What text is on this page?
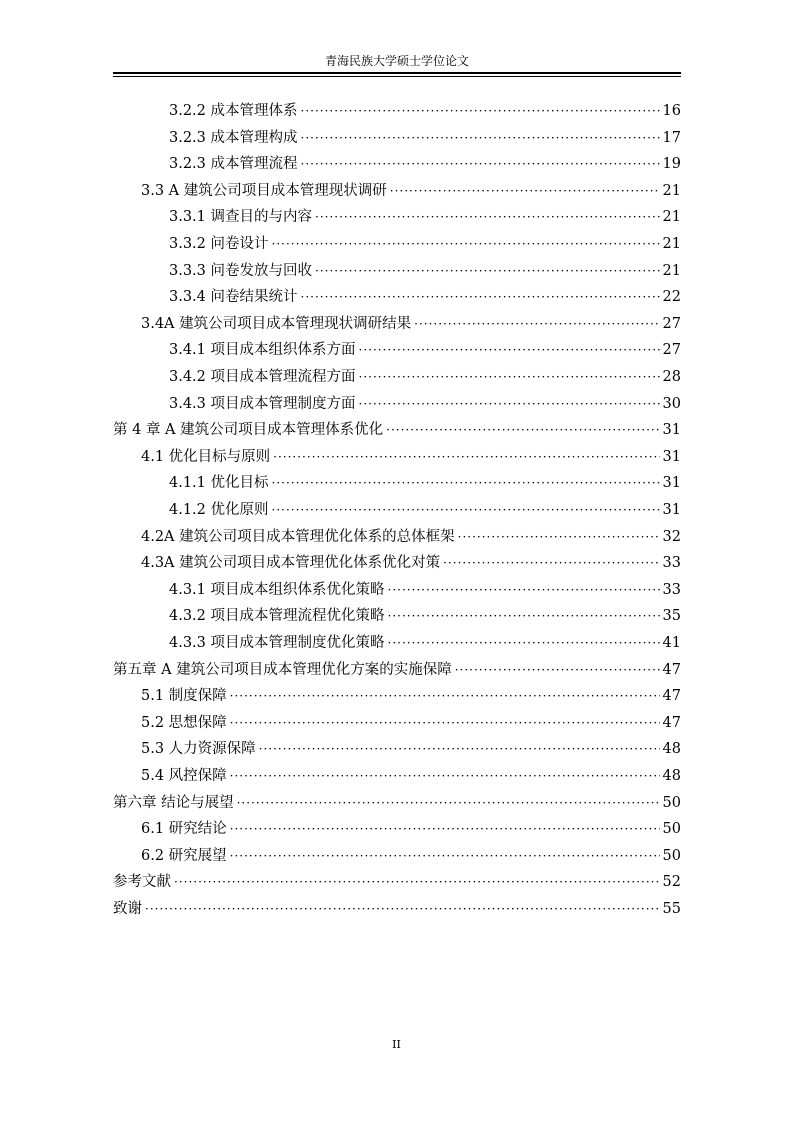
青海民族大学硕士学位论文
3.2.2 成本管理体系 ·····	16
3.2.3 成本管理构成 ·····	17
3.2.3 成本管理流程 ·····	19
3.3 A 建筑公司项目成本管理现状调研 ·····	21
3.3.1 调查目的与内容 ·····	21
3.3.2 问卷设计 ·····	21
3.3.3 问卷发放与回收 ·····	21
3.3.4 问卷结果统计 ·····	22
3.4A 建筑公司项目成本管理现状调研结果 ·····	27
3.4.1 项目成本组织体系方面 ·····	27
3.4.2 项目成本管理流程方面 ·····	28
3.4.3 项目成本管理制度方面 ·····	30
第 4 章 A 建筑公司项目成本管理体系优化 ·····	31
4.1 优化目标与原则 ·····	31
4.1.1 优化目标 ·····	31
4.1.2 优化原则 ·····	31
4.2A 建筑公司项目成本管理优化体系的总体框架 ·····	32
4.3A 建筑公司项目成本管理优化体系优化对策 ·····	33
4.3.1 项目成本组织体系优化策略 ·····	33
4.3.2 项目成本管理流程优化策略 ·····	35
4.3.3 项目成本管理制度优化策略 ·····	41
第五章 A 建筑公司项目成本管理优化方案的实施保障 ·····	47
5.1 制度保障 ·····	47
5.2 思想保障 ·····	47
5.3 人力资源保障 ·····	48
5.4 风控保障 ·····	48
第六章 结论与展望 ·····	50
6.1 研究结论 ·····	50
6.2 研究展望 ·····	50
参考文献 ·····	52
致谢 ·····	55
II
